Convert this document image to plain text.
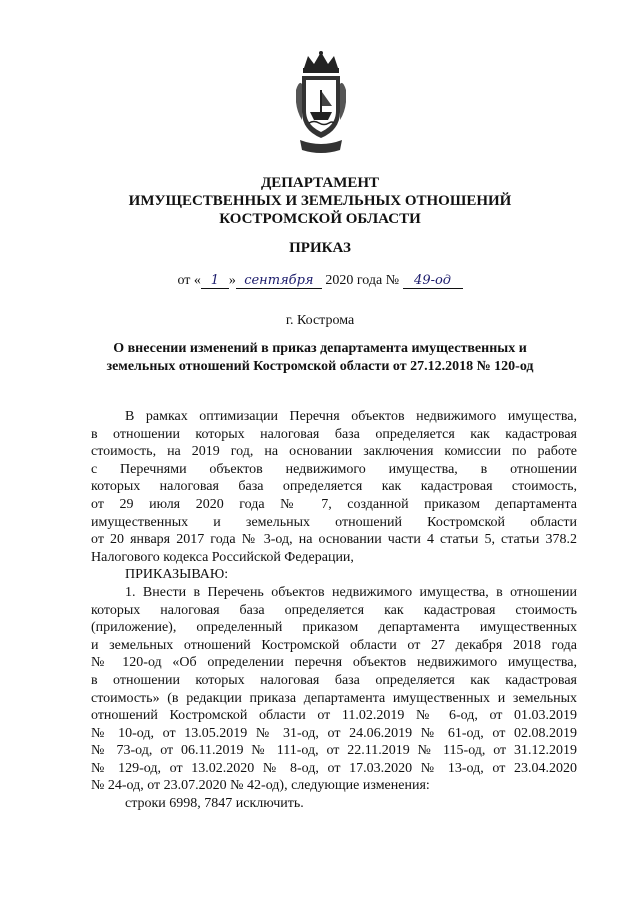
ДЕПАРТАМЕНТ
ИМУЩЕСТВЕННЫХ И ЗЕМЕЛЬНЫХ ОТНОШЕНИЙ
КОСТРОМСКОЙ ОБЛАСТИ
ПРИКАЗ
от « 1 » сентября 2020 года № 49-од
г. Кострома
О внесении изменений в приказ департамента имущественных и
земельных отношений Костромской области от 27.12.2018 № 120-од

В рамках оптимизации Перечня объектов недвижимого имущества,

в отношении которых налоговая база определяется как кадастровая

стоимость, на 2019 год, на основании заключения комиссии по работе

с Перечнями объектов недвижимого имущества, в отношении

которых налоговая база определяется как кадастровая стоимость,

от 29 июля 2020 года № 7, созданной приказом департамента

имущественных и земельных отношений Костромской области

от 20 января 2017 года № 3-од, на основании части 4 статьи 5, статьи 378.2

Налогового кодекса Российской Федерации,

ПРИКАЗЫВАЮ:

1. Внести в Перечень объектов недвижимого имущества, в отношении

которых налоговая база определяется как кадастровая стоимость

(приложение), определенный приказом департамента имущественных

и земельных отношений Костромской области от 27 декабря 2018 года

№ 120-од «Об определении перечня объектов недвижимого имущества,

в отношении которых налоговая база определяется как кадастровая

стоимость» (в редакции приказа департамента имущественных и земельных

отношений Костромской области от 11.02.2019 № 6-од, от 01.03.2019

№ 10-од, от 13.05.2019 № 31-од, от 24.06.2019 № 61-од, от 02.08.2019

№ 73-од, от 06.11.2019 № 111-од, от 22.11.2019 № 115-од, от 31.12.2019

№ 129-од, от 13.02.2020 № 8-од, от 17.03.2020 № 13-од, от 23.04.2020

№ 24-од, от 23.07.2020 № 42-од), следующие изменения:

строки 6998, 7847 исключить.
